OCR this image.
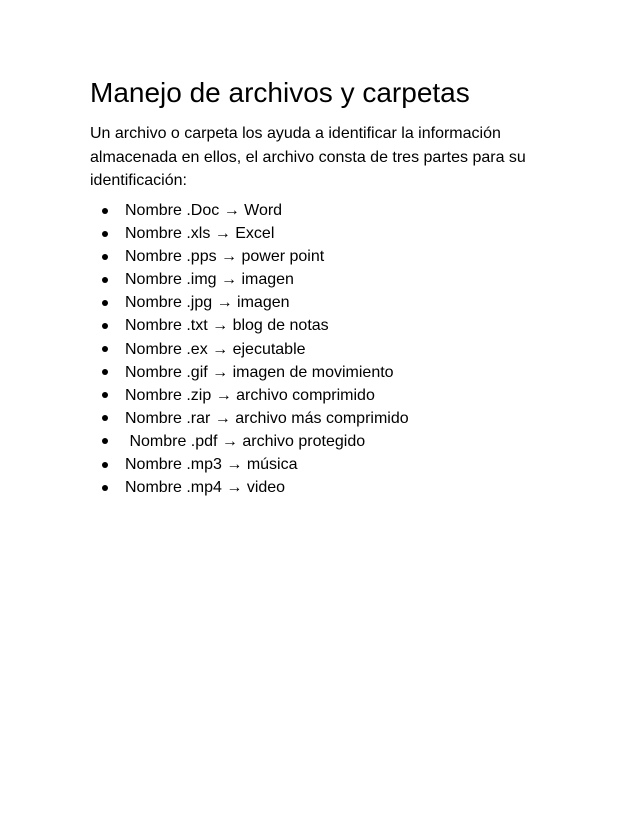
Manejo de archivos y carpetas

Un archivo o carpeta los ayuda a identificar la información
almacenada en ellos, el archivo consta de tres partes para su
identificación:

Nombre .Doc → Word
Nombre .xls → Excel
Nombre .pps → power point
Nombre .img → imagen
Nombre .jpg → imagen
Nombre .txt → blog de notas
Nombre .ex → ejecutable
Nombre .gif → imagen de movimiento
Nombre .zip → archivo comprimido
Nombre .rar → archivo más comprimido
Nombre .pdf → archivo protegido
Nombre .mp3 → música
Nombre .mp4 → video
